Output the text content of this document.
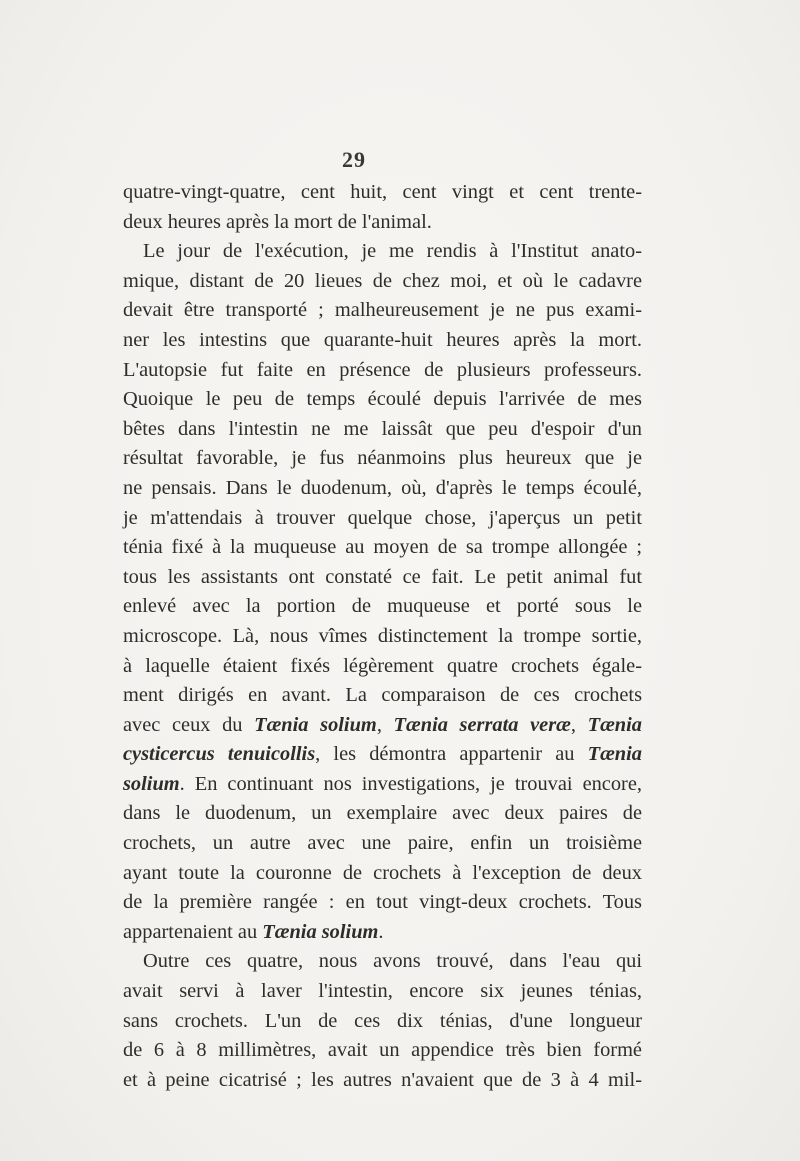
29
quatre-vingt-quatre, cent huit, cent vingt et cent trente-
deux heures après la mort de l'animal.
Le jour de l'exécution, je me rendis à l'Institut anato-
mique, distant de 20 lieues de chez moi, et où le cadavre
devait être transporté ; malheureusement je ne pus exami-
ner les intestins que quarante-huit heures après la mort.
L'autopsie fut faite en présence de plusieurs professeurs.
Quoique le peu de temps écoulé depuis l'arrivée de mes
bêtes dans l'intestin ne me laissât que peu d'espoir d'un
résultat favorable, je fus néanmoins plus heureux que je
ne pensais. Dans le duodenum, où, d'après le temps écoulé,
je m'attendais à trouver quelque chose, j'aperçus un petit
ténia fixé à la muqueuse au moyen de sa trompe allongée ;
tous les assistants ont constaté ce fait. Le petit animal fut
enlevé avec la portion de muqueuse et porté sous le
microscope. Là, nous vîmes distinctement la trompe sortie,
à laquelle étaient fixés légèrement quatre crochets égale-
ment dirigés en avant. La comparaison de ces crochets
avec ceux du Tænia solium, Tænia serrata veræ, Tænia
cysticercus tenuicollis, les démontra appartenir au Tænia
solium. En continuant nos investigations, je trouvai encore,
dans le duodenum, un exemplaire avec deux paires de
crochets, un autre avec une paire, enfin un troisième
ayant toute la couronne de crochets à l'exception de deux
de la première rangée : en tout vingt-deux crochets. Tous
appartenaient au Tænia solium.
Outre ces quatre, nous avons trouvé, dans l'eau qui
avait servi à laver l'intestin, encore six jeunes ténias,
sans crochets. L'un de ces dix ténias, d'une longueur
de 6 à 8 millimètres, avait un appendice très bien formé
et à peine cicatrisé ; les autres n'avaient que de 3 à 4 mil-
